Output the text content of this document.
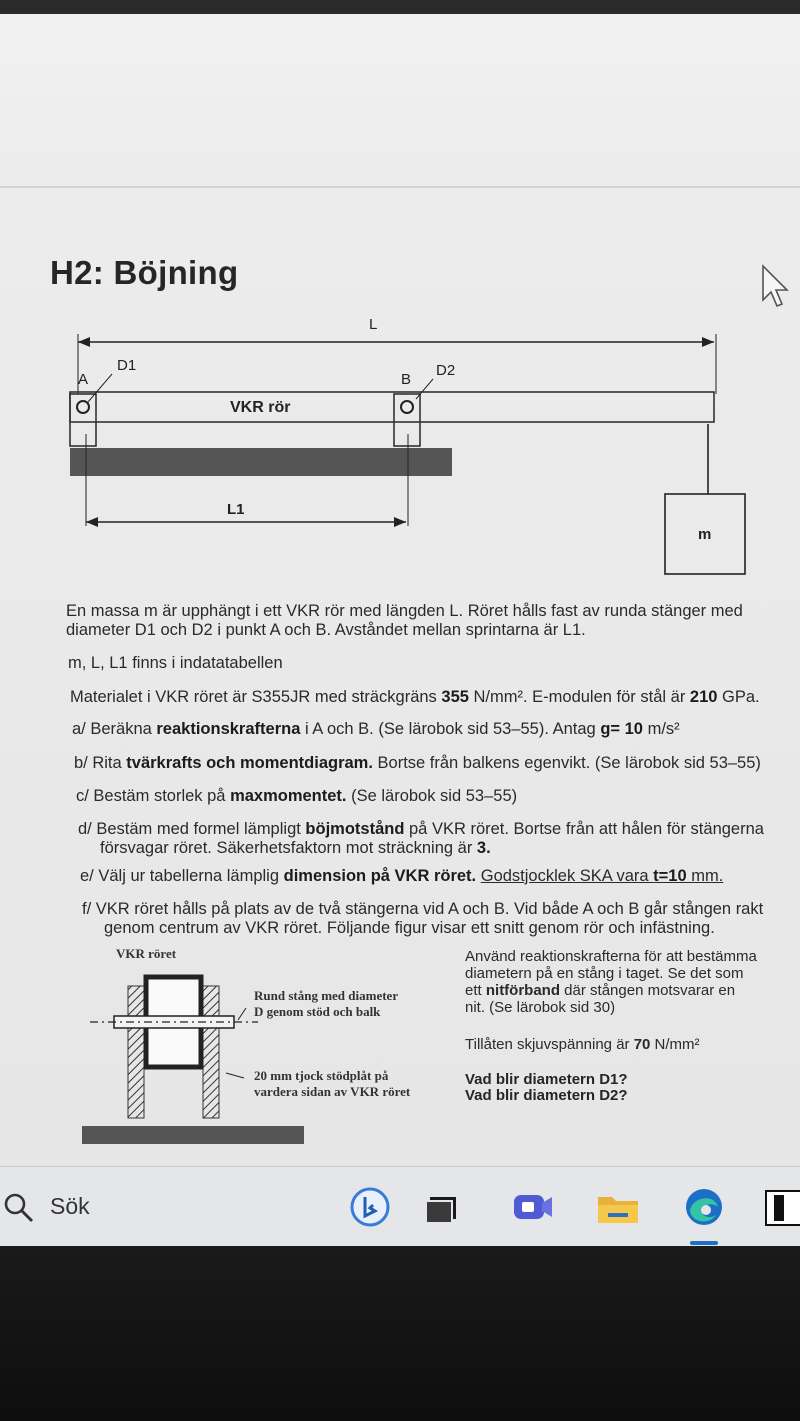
H2: Böjning
L
VKR rör
A
D1
B
D2
m
L1
En massa m är upphängt i ett VKR rör med längden L. Röret hålls fast av runda stänger med
diameter D1 och D2 i punkt A och B. Avståndet mellan sprintarna är L1.
m, L, L1 finns i indatatabellen
Materialet i VKR röret är S355JR med sträckgräns 355 N/mm². E-modulen för stål är 210 GPa.
a/ Beräkna reaktionskrafterna i A och B. (Se lärobok sid 53–55). Antag g= 10 m/s²
b/ Rita tvärkrafts och momentdiagram. Bortse från balkens egenvikt. (Se lärobok sid 53–55)
c/ Bestäm storlek på maxmomentet. (Se lärobok sid 53–55)
d/ Bestäm med formel lämpligt böjmotstånd på VKR röret. Bortse från att hålen för stängerna
försvagar röret. Säkerhetsfaktorn mot sträckning är 3.
e/ Välj ur tabellerna lämplig dimension på VKR röret. Godstjocklek SKA vara t=10 mm.
f/ VKR röret hålls på plats av de två stängerna vid A och B. Vid både A och B går stången rakt
genom centrum av VKR röret. Följande figur visar ett snitt genom rör och infästning.
VKR röret
Rund stång med diameter
D genom stöd och balk
20 mm tjock stödplåt på
vardera sidan av VKR röret
Använd reaktionskrafterna för att bestämma
diametern på en stång i taget. Se det som
ett nitförband där stången motsvarar en
nit. (Se lärobok sid 30)
Tillåten skjuvspänning är 70 N/mm²
Vad blir diametern D1?
Vad blir diametern D2?
Sök
